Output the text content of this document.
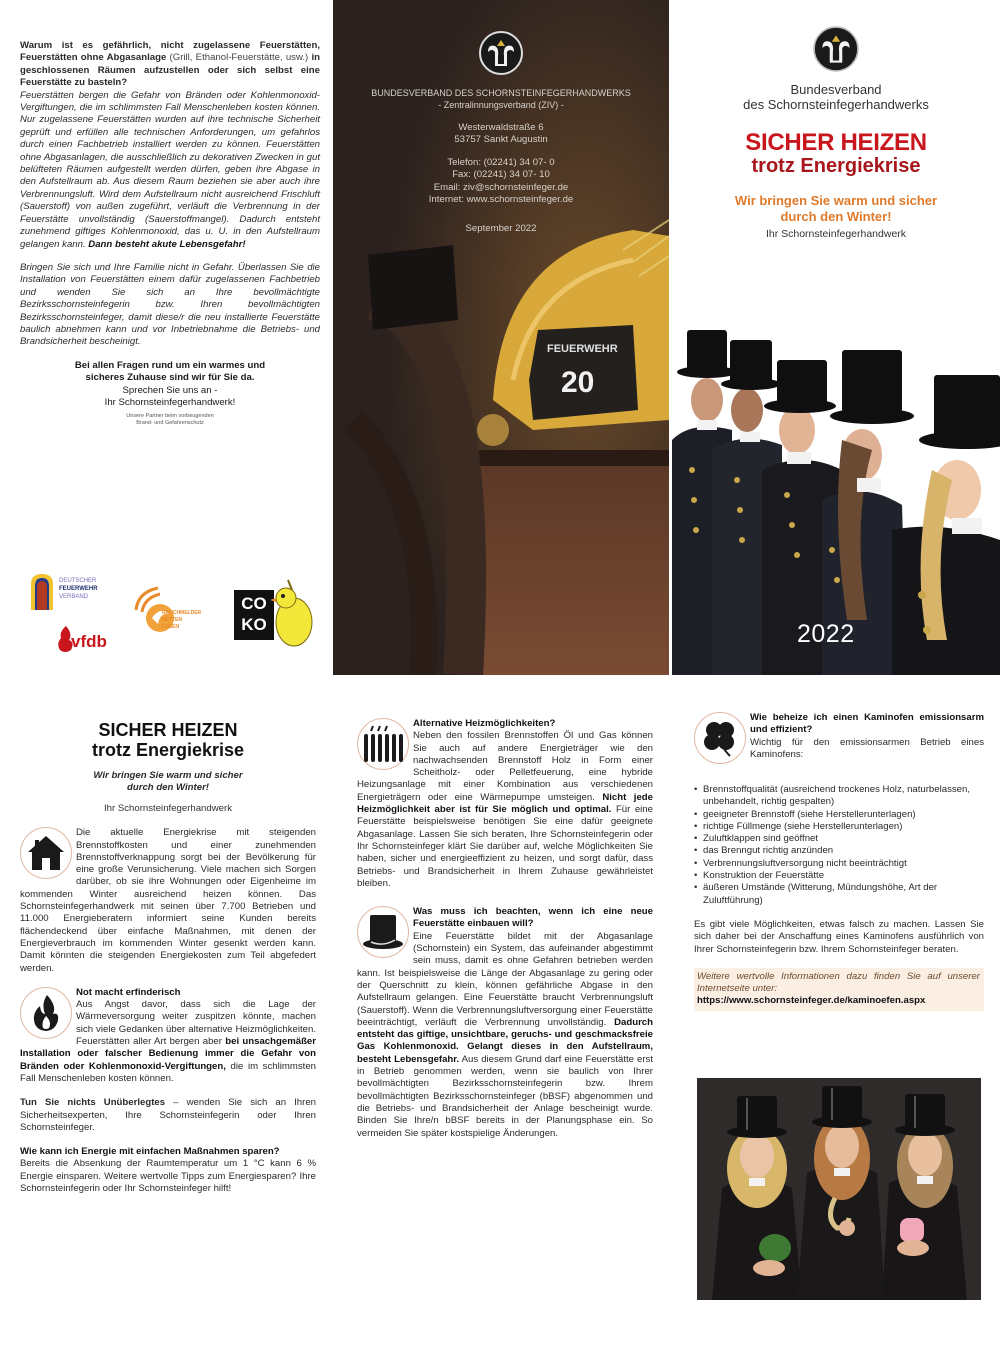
Warum ist es gefährlich, nicht zugelassene Feuerstätten, Feuerstätten ohne Abgasanlage (Grill, Ethanol-Feuerstätte, usw.) in geschlossenen Räumen aufzustellen oder sich selbst eine Feuerstätte zu basteln?

Feuerstätten bergen die Gefahr von Bränden oder Kohlenmonoxid-Vergiftungen, die im schlimmsten Fall Menschenleben kosten können. Nur zugelassene Feuerstätten wurden auf ihre technische Sicherheit geprüft und erfüllen alle technischen Anforderungen, um gefahrlos durch einen Fachbetrieb installiert werden zu können. Feuerstätten ohne Abgasanlagen, die ausschließlich zu dekorativen Zwecken in gut belüfteten Räumen aufgestellt werden dürfen, geben ihre Abgase in den Aufstellraum ab. Aus diesem Raum beziehen sie aber auch ihre Verbrennungsluft. Wird dem Aufstellraum nicht ausreichend Frischluft (Sauerstoff) von außen zugeführt, verläuft die Verbrennung in der Feuerstätte unvollständig (Sauerstoffmangel). Dadurch entsteht zunehmend giftiges Kohlenmonoxid, das u. U. in den Aufstellraum gelangen kann. Dann besteht akute Lebensgefahr!

Bringen Sie sich und Ihre Familie nicht in Gefahr. Überlassen Sie die Installation von Feuerstätten einem dafür zugelassenen Fachbetrieb und wenden Sie sich an Ihre bevollmächtigte Bezirksschornsteinfegerin bzw. Ihren bevollmächtigten Bezirksschornsteinfeger, damit diese/r die neu installierte Feuerstätte baulich abnehmen kann und vor Inbetriebnahme die Betriebs- und Brandsicherheit bescheinigt.

Bei allen Fragen rund um ein warmes und
sicheres Zuhause sind wir für Sie da.
Sprechen Sie uns an -
Ihr Schornsteinfegerhandwerk!
Unsere Partner beim vorbeugenden
Brand- und Gefahrenschutz
DEUTSCHER
FEUERWEHR
VERBAND
RAUCHMELDER
RETTEN
LEBEN
CO
KO
vfdb
FEUERWEHR
20
BUNDESVERBAND DES SCHORNSTEINFEGERHANDWERKS
- Zentralinnungsverband (ZIV) -
Westerwaldstraße 6
53757 Sankt Augustin
Telefon: (02241) 34 07- 0
Fax: (02241) 34 07- 10
Email: ziv@schornsteinfeger.de
Internet: www.schornsteinfeger.de
September 2022
Bundesverband
des Schornsteinfegerhandwerks
SICHER HEIZEN
trotz Energiekrise
Wir bringen Sie warm und sicher
durch den Winter!
Ihr Schornsteinfegerhandwerk
2022
SICHER HEIZEN
trotz Energiekrise
Wir bringen Sie warm und sicher
durch den Winter!
Ihr Schornsteinfegerhandwerk
Die aktuelle Energiekrise mit steigenden Brennstoffkosten und einer zunehmenden Brennstoffverknappung sorgt bei der Bevölkerung für eine große Verunsicherung. Viele machen sich Sorgen darüber, ob sie ihre Wohnungen oder Eigenheime im kommenden Winter ausreichend heizen können. Das Schornsteinfegerhandwerk mit seinen über 7.700 Betrieben und 11.000 Energieberatern informiert seine Kunden bereits flächendeckend über einfache Maßnahmen, mit denen der Energieverbrauch im kommenden Winter gesenkt werden kann. Damit könnten die steigenden Energiekosten zum Teil abgefedert werden.
Not macht erfinderisch
Aus Angst davor, dass sich die Lage der Wärmeversorgung weiter zuspitzen könnte, machen sich viele Gedanken über alternative Heizmöglichkeiten. Feuerstätten aller Art bergen aber bei unsachgemäßer Installation oder falscher Bedienung immer die Gefahr von Bränden oder Kohlenmonoxid-Vergiftungen, die im schlimmsten Fall Menschenleben kosten können.
Tun Sie nichts Unüberlegtes – wenden Sie sich an Ihren Sicherheitsexperten, Ihre Schornsteinfegerin oder Ihren Schornsteinfeger.
Wie kann ich Energie mit einfachen Maßnahmen sparen?
Bereits die Absenkung der Raumtemperatur um 1 °C kann 6 % Energie einsparen. Weitere wertvolle Tipps zum Energiesparen? Ihre Schornsteinfegerin oder Ihr Schornsteinfeger hilft!
Alternative Heizmöglichkeiten?
Neben den fossilen Brennstoffen Öl und Gas können Sie auch auf andere Energieträger wie den nachwachsenden Brennstoff Holz in Form einer Scheitholz- oder Pelletfeuerung, eine hybride Heizungsanlage mit einer Kombination aus verschiedenen Energieträgern oder eine Wärmepumpe umsteigen. Nicht jede Heizmöglichkeit aber ist für Sie möglich und optimal. Für eine Feuerstätte beispielsweise benötigen Sie eine dafür geeignete Abgasanlage. Lassen Sie sich beraten, Ihre Schornsteinfegerin oder Ihr Schornsteinfeger klärt Sie darüber auf, welche Möglichkeiten Sie haben, sicher und energieeffizient zu heizen, und sorgt dafür, dass Betriebs- und Brandsicherheit in Ihrem Zuhause gewährleistet bleiben.
Was muss ich beachten, wenn ich eine neue Feuerstätte einbauen will?
Eine Feuerstätte bildet mit der Abgasanlage (Schornstein) ein System, das aufeinander abgestimmt sein muss, damit es ohne Gefahren betrieben werden kann. Ist beispielsweise die Länge der Abgasanlage zu gering oder der Querschnitt zu klein, können gefährliche Abgase in den Aufstellraum gelangen. Eine Feuerstätte braucht Verbrennungsluft (Sauerstoff). Wenn die Verbrennungsluftversorgung einer Feuerstätte beeinträchtigt, verläuft die Verbrennung unvollständig. Dadurch entsteht das giftige, unsichtbare, geruchs- und geschmacksfreie Gas Kohlenmonoxid. Gelangt dieses in den Aufstellraum, besteht Lebensgefahr. Aus diesem Grund darf eine Feuerstätte erst in Betrieb genommen werden, wenn sie baulich von Ihrer bevollmächtigten Bezirksschornsteinfegerin bzw. Ihrem bevollmächtigten Bezirksschornsteinfeger (bBSF) abgenommen und die Betriebs- und Brandsicherheit der Anlage bescheinigt wurde. Binden Sie Ihre/n bBSF bereits in der Planungsphase ein. So vermeiden Sie später kostspielige Änderungen.
Wie beheize ich einen Kaminofen emissionsarm und effizient?
Wichtig für den emissionsarmen Betrieb eines Kaminofens:
• Brennstoffqualität (ausreichend trockenes Holz, naturbelassen, unbehandelt, richtig gespalten)
• geeigneter Brennstoff (siehe Herstellerunterlagen)
• richtige Füllmenge (siehe Herstellerunterlagen)
• Zuluftklappen sind geöffnet
• das Brenngut richtig anzünden
• Verbrennungsluftversorgung nicht beeinträchtigt
• Konstruktion der Feuerstätte
• äußeren Umstände (Witterung, Mündungshöhe, Art der Zuluftführung)
Es gibt viele Möglichkeiten, etwas falsch zu machen. Lassen Sie sich daher bei der Anschaffung eines Kaminofens ausführlich von Ihrer Schornsteinfegerin bzw. Ihrem Schornsteinfeger beraten.
Weitere wertvolle Informationen dazu finden Sie auf unserer Internetseite unter:
https://www.schornsteinfeger.de/kaminoefen.aspx
